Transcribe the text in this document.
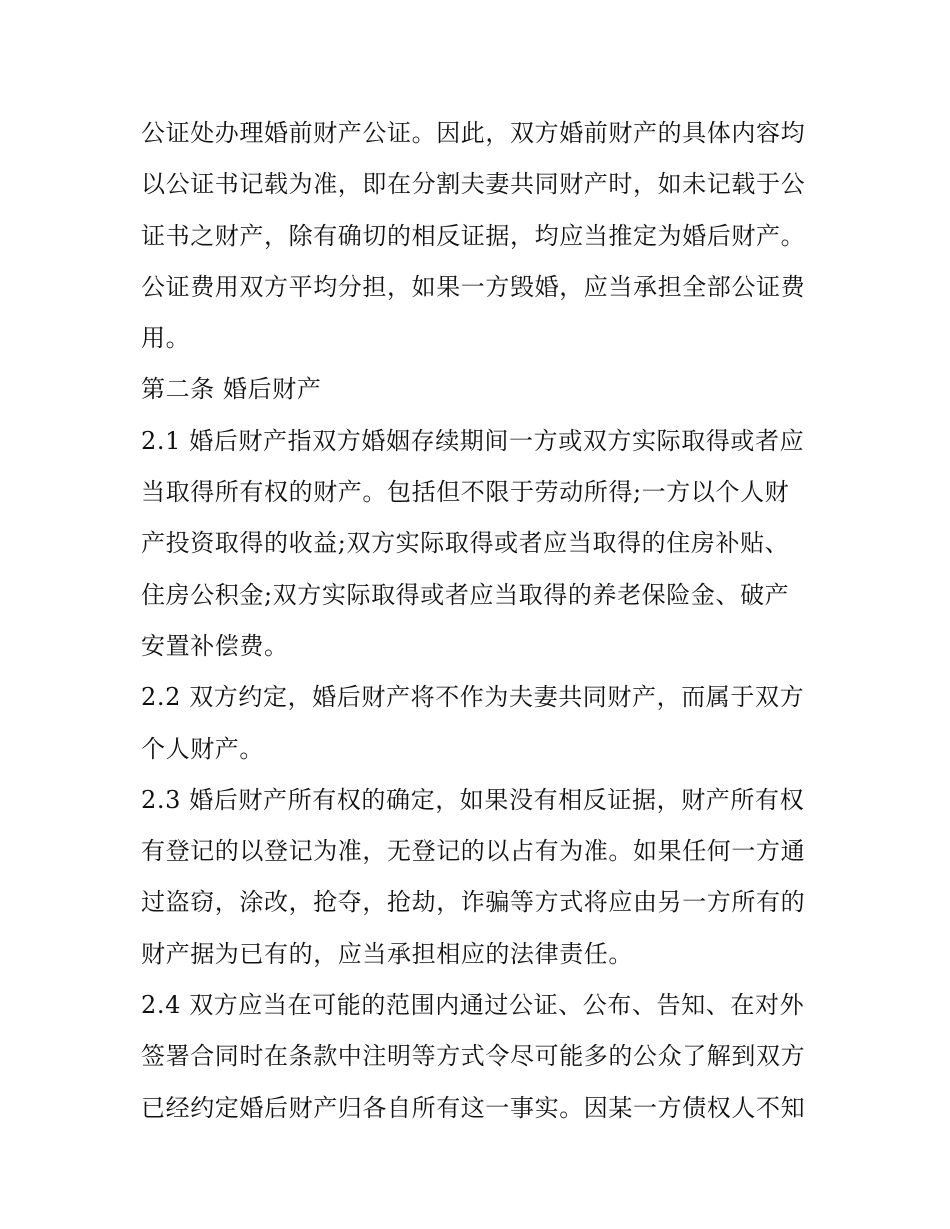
公证处办理婚前财产公证。因此，双方婚前财产的具体内容均
以公证书记载为准，即在分割夫妻共同财产时，如未记载于公
证书之财产，除有确切的相反证据，均应当推定为婚后财产。
公证费用双方平均分担，如果一方毁婚，应当承担全部公证费
用。
第二条 婚后财产
2.1 婚后财产指双方婚姻存续期间一方或双方实际取得或者应
当取得所有权的财产。包括但不限于劳动所得;一方以个人财
产投资取得的收益;双方实际取得或者应当取得的住房补贴、
住房公积金;双方实际取得或者应当取得的养老保险金、破产
安置补偿费。
2.2 双方约定，婚后财产将不作为夫妻共同财产，而属于双方
个人财产。
2.3 婚后财产所有权的确定，如果没有相反证据，财产所有权
有登记的以登记为准，无登记的以占有为准。如果任何一方通
过盗窃，涂改，抢夺，抢劫，诈骗等方式将应由另一方所有的
财产据为已有的，应当承担相应的法律责任。
2.4 双方应当在可能的范围内通过公证、公布、告知、在对外
签署合同时在条款中注明等方式令尽可能多的公众了解到双方
已经约定婚后财产归各自所有这一事实。因某一方债权人不知
